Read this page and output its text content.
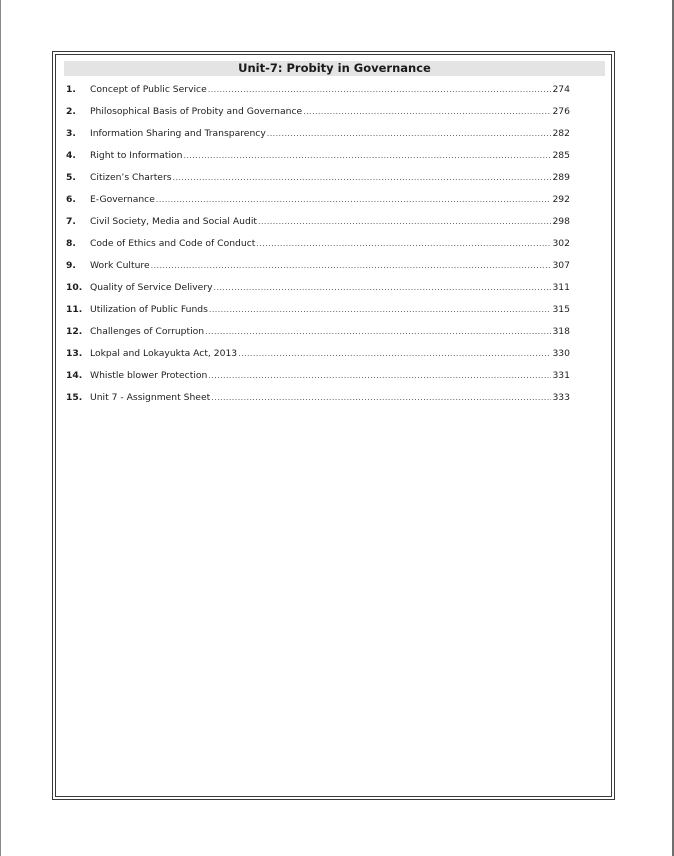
Unit-7: Probity in Governance
1.	Concept of Public Service .....	274
2.	Philosophical Basis of Probity and Governance .....	276
3.	Information Sharing and Transparency .....	282
4.	Right to Information .....	285
5.	Citizen’s Charters .....	289
6.	E-Governance .....	292
7.	Civil Society, Media and Social Audit .....	298
8.	Code of Ethics and Code of Conduct .....	302
9.	Work Culture .....	307
10. Quality of Service Delivery .....	311
11. Utilization of Public Funds .....	315
12. Challenges of Corruption .....	318
13. Lokpal and Lokayukta Act, 2013 .....	330
14. Whistle blower Protection .....	331
15. Unit 7 - Assignment Sheet .....	333
